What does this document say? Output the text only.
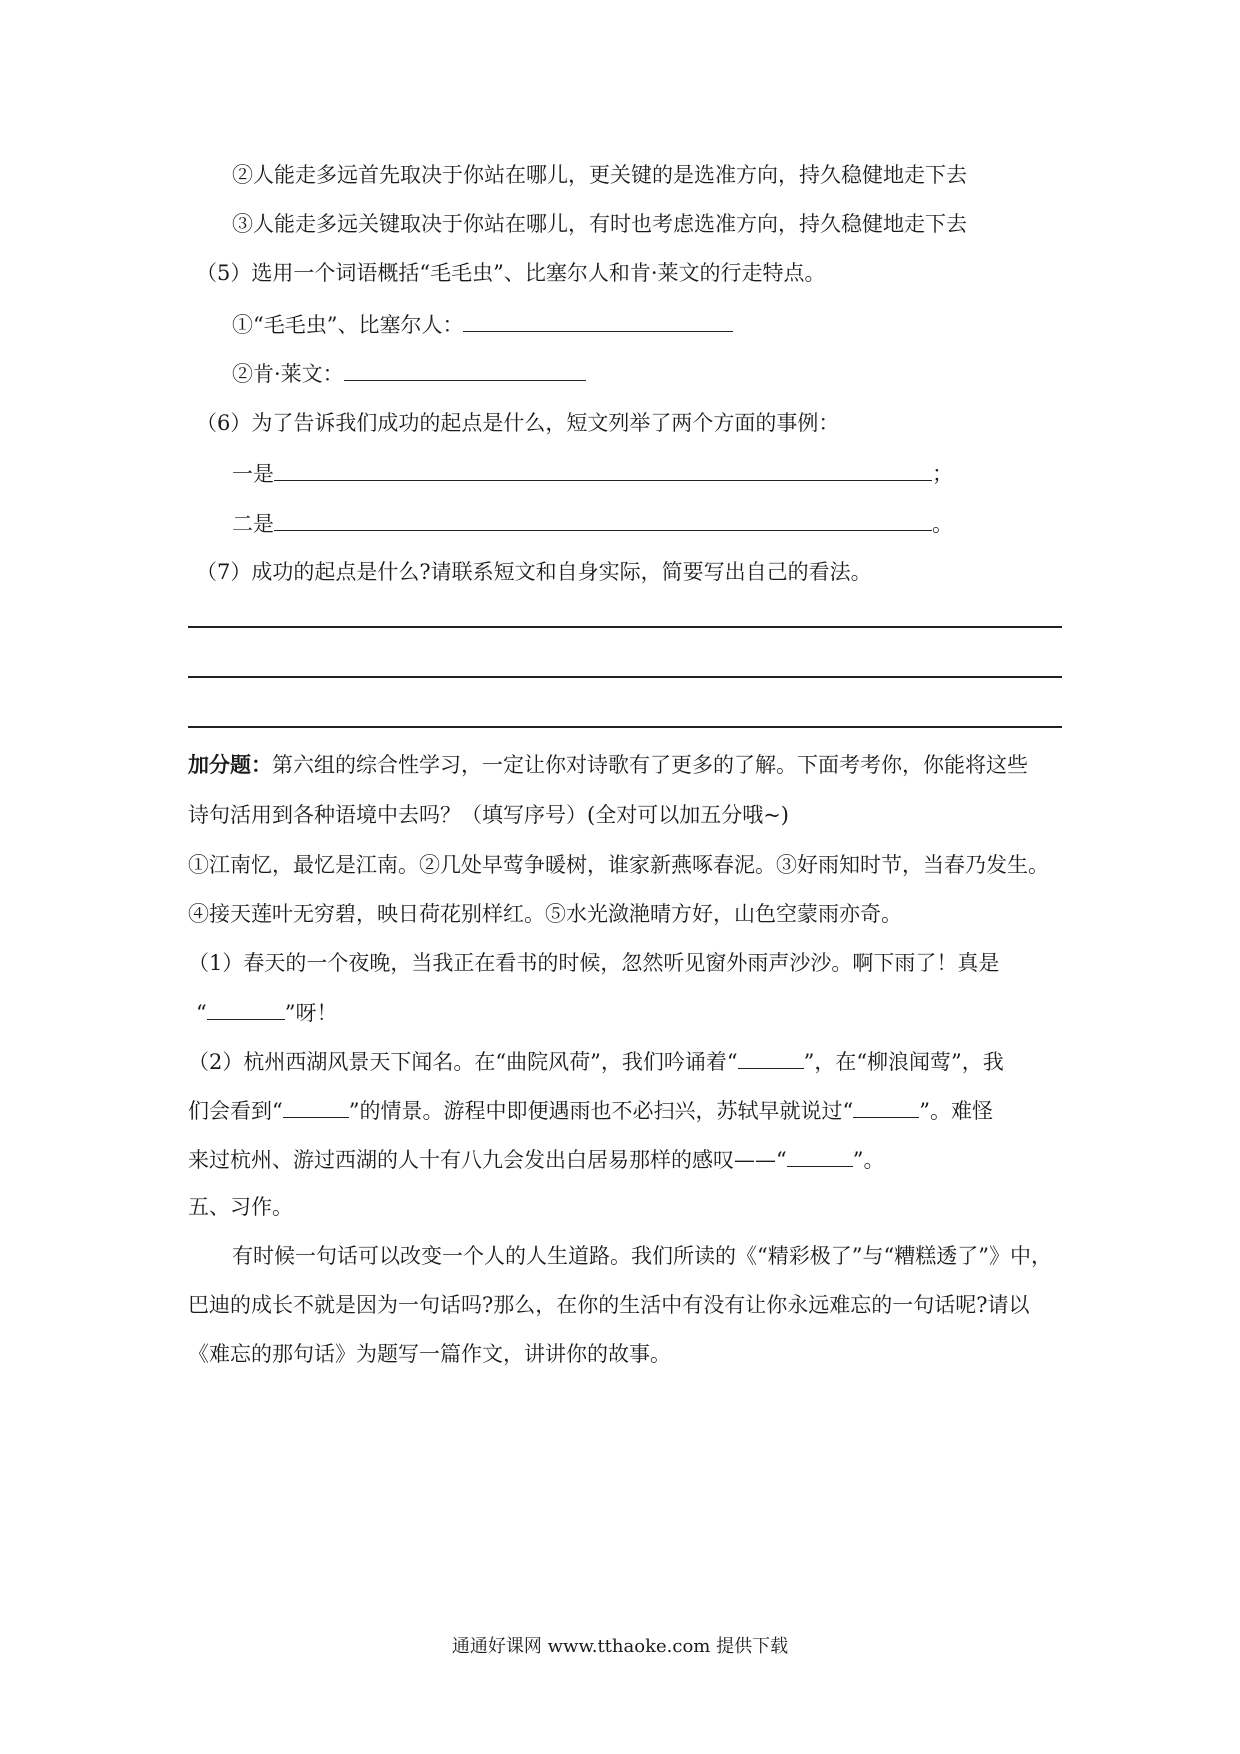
②人能走多远首先取决于你站在哪儿，更关键的是选准方向，持久稳健地走下去
③人能走多远关键取决于你站在哪儿，有时也考虑选准方向，持久稳健地走下去
（5）选用一个词语概括“毛毛虫”、比塞尔人和肯·莱文的行走特点。
①“毛毛虫”、比塞尔人：
②肯·莱文：
（6）为了告诉我们成功的起点是什么，短文列举了两个方面的事例：
一是	；
二是	。
（7）成功的起点是什么?请联系短文和自身实际，简要写出自己的看法。
加分题：第六组的综合性学习，一定让你对诗歌有了更多的了解。下面考考你，你能将这些
诗句活用到各种语境中去吗？（填写序号）(全对可以加五分哦~)
①江南忆，最忆是江南。②几处早莺争暖树，谁家新燕啄春泥。③好雨知时节，当春乃发生。
④接天莲叶无穷碧，映日荷花别样红。⑤水光潋滟晴方好，山色空蒙雨亦奇。
（1）春天的一个夜晚，当我正在看书的时候，忽然听见窗外雨声沙沙。啊下雨了！真是
“	”呀！
（2）杭州西湖风景天下闻名。在“曲院风荷”，我们吟诵着“	”，在“柳浪闻莺”，我
们会看到“	”的情景。游程中即便遇雨也不必扫兴，苏轼早就说过“	”。难怪
来过杭州、游过西湖的人十有八九会发出白居易那样的感叹——“	”。
五、习作。
有时候一句话可以改变一个人的人生道路。我们所读的《“精彩极了”与“糟糕透了”》中，
巴迪的成长不就是因为一句话吗?那么，在你的生活中有没有让你永远难忘的一句话呢?请以
《难忘的那句话》为题写一篇作文，讲讲你的故事。
通通好课网 www.tthaoke.com 提供下载
